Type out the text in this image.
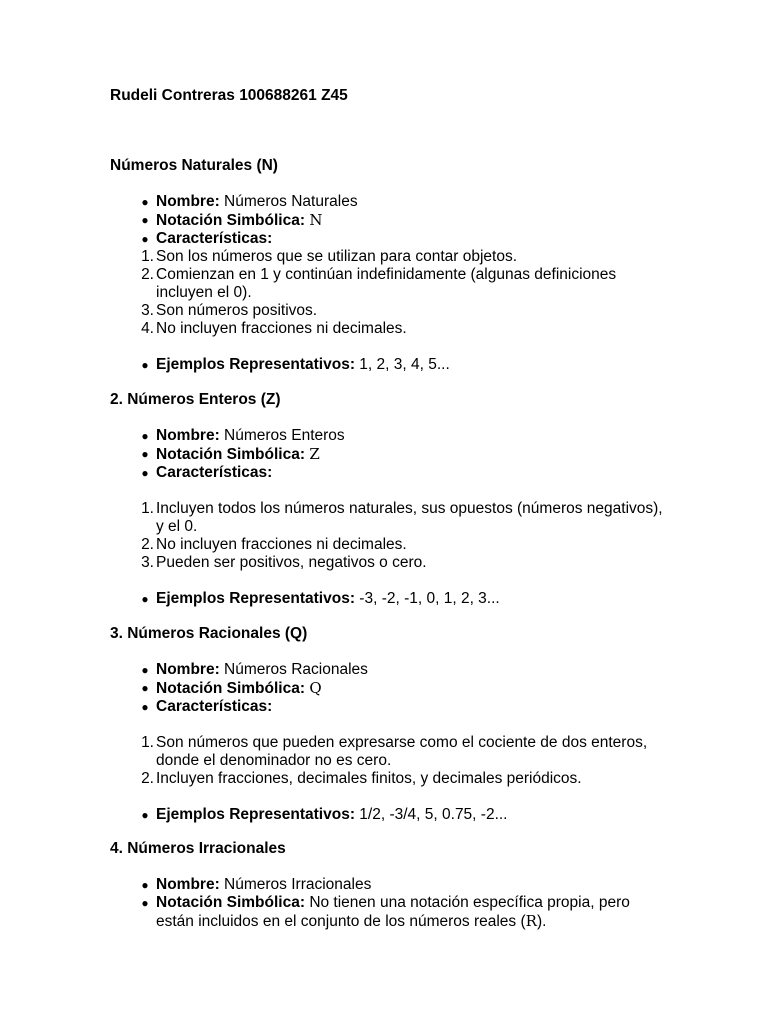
Rudeli Contreras 100688261 Z45

Números Naturales (N)

● Nombre: Números Naturales
● Notación Simbólica: N
● Características:
1. Son los números que se utilizan para contar objetos.
2. Comienzan en 1 y continúan indefinidamente (algunas definiciones incluyen el 0).
3. Son números positivos.
4. No incluyen fracciones ni decimales.
● Ejemplos Representativos: 1, 2, 3, 4, 5...

2. Números Enteros (Z)

● Nombre: Números Enteros
● Notación Simbólica: Z
● Características:
1. Incluyen todos los números naturales, sus opuestos (números negativos), y el 0.
2. No incluyen fracciones ni decimales.
3. Pueden ser positivos, negativos o cero.
● Ejemplos Representativos: -3, -2, -1, 0, 1, 2, 3...

3. Números Racionales (Q)

● Nombre: Números Racionales
● Notación Simbólica: Q
● Características:
1. Son números que pueden expresarse como el cociente de dos enteros, donde el denominador no es cero.
2. Incluyen fracciones, decimales finitos, y decimales periódicos.
● Ejemplos Representativos: 1/2, -3/4, 5, 0.75, -2...

4. Números Irracionales

● Nombre: Números Irracionales
● Notación Simbólica: No tienen una notación específica propia, pero están incluidos en el conjunto de los números reales (R).
